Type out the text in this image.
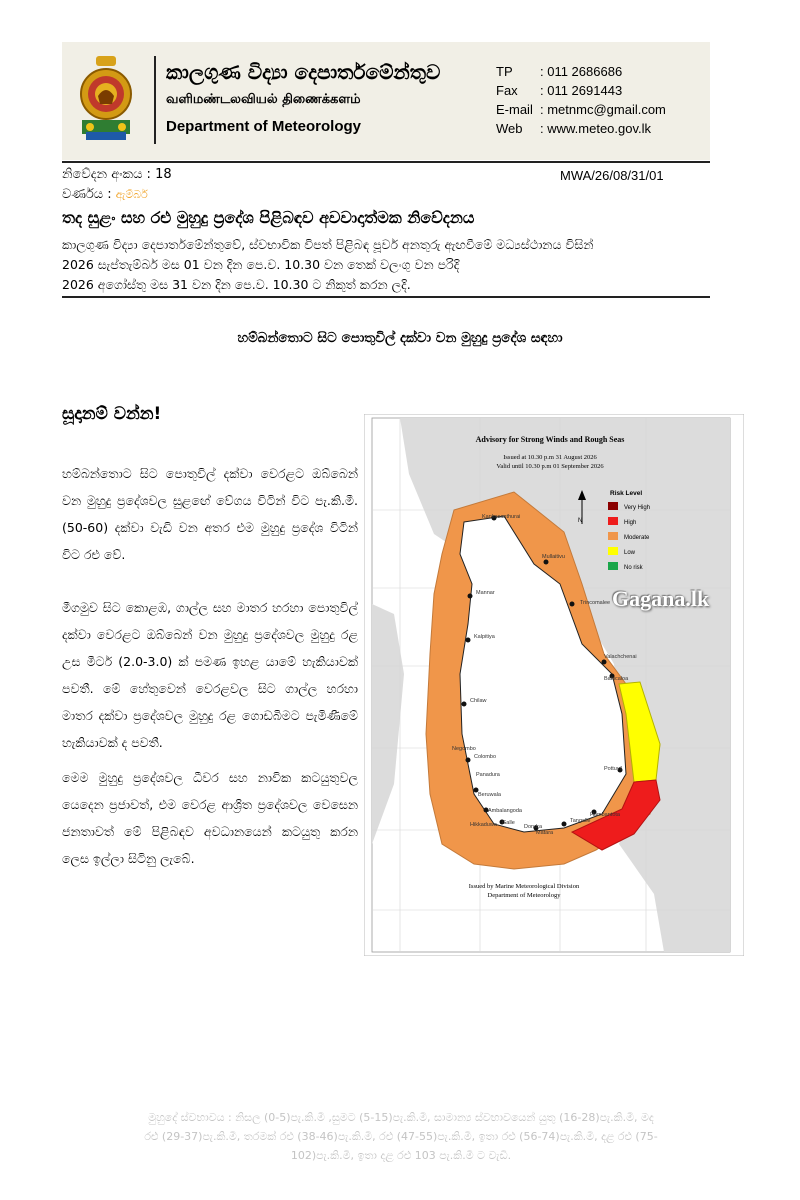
කාලගුණ විද්‍යා දෙපාර්තමේන්තුව
வளிமண்டலவியல் திணைக்களம்
Department of Meteorology
TP	: 011 2686686
Fax	: 011 2691443
E-mail : metnmc@gmail.com
Web	: www.meteo.gov.lk
නිවේදන අංකය : 18	MWA/26/08/31/01
වර්ණය : ඇම්බර්
තද සුළං සහ රළු මුහුදු ප්‍රදේශ පිළිබඳව අවවාදාත්මක නිවේදනය
කාලගුණ විද්‍යා දෙපාර්තමේන්තුවේ, ස්වභාවික විපත් පිළිබඳ පූර්ව අනතුරු ඇඟවීමේ මධ්‍යස්ථානය විසින්
2026 සැප්තැම්බර් මස 01 වන දින පෙ.ව. 10.30 වන තෙක් වලංගු වන පරිදි
2026 අගෝස්තු මස 31 වන දින පෙ.ව. 10.30 ට නිකුත් කරන ලදි.
හම්බන්තොට සිට පොතුවිල් දක්වා වන මුහුදු ප්‍රදේශ සඳහා
සූදානම් වන්න!
හම්බන්තොට සිට පොතුවිල් දක්වා වෙරළට ඔබ්බෙන් වන මුහුදු ප්‍රදේශවල සුළඟේ වේගය විටින් විට පැ.කි.මී. (50-60) දක්වා වැඩි වන අතර එම මුහුදු ප්‍රදේශ විටින් විට රළු වේ.
මීගමුව සිට කොළඹ, ගාල්ල සහ මාතර හරහා පොතුවිල් දක්වා වෙරළට ඔබ්බෙන් වන මුහුදු ප්‍රදේශවල මුහුදු රළ උස මීටර් (2.0-3.0) ක් පමණ ඉහළ යාමේ හැකියාවක් පවතී. මේ හේතුවෙන් වෙරළවල සිට ගාල්ල හරහා මාතර දක්වා ප්‍රදේශවල මුහුදු රළ ගොඩබිමට පැමිණීමේ හැකියාවක් ද පවතී.
මෙම මුහුදු ප්‍රදේශවල ධීවර සහ නාවික කටයුතුවල යෙදෙන ප්‍රජාවත්, එම වෙරළ ආශ්‍රිත ප්‍රදේශවල වෙසෙන ජනතාවත් මේ පිළිබඳව අවධානයෙන් කටයුතු කරන ලෙස ඉල්ලා සිටිනු ලැබේ.
Kankesanthurai
Mullaitivu
Mannar
Trincomalee
Kalpitiya
Valachchenai
Batticaloa
Chilaw
Colombo
Negombo
Panadura
Beruwala
Pottuvil
Ambalangoda
Hikkaduwa Galle
Matara
Dondra
Tangalle
Hambantota
Advisory for Strong Winds and Rough Seas
Issued at 10.30 p.m 31 August 2026
Valid until 10.30 p.m 01 September 2026
N
Risk Level
Very High
High
Moderate
Low
No risk
Issued by Marine Meteorological Division
Department of Meteorology
Gagana.lk
මුහුදේ ස්වභාවය : නිසල (0-5)පැ.කි.මී ,සුමට (5-15)පැ.කි.මී, සාමාන්‍ය ස්වභාවයෙන් යුතු (16-28)පැ.කි.මී, මද
රළු (29-37)පැ.කි.මී, තරමක් රළු (38-46)පැ.කි.මී, රළු (47-55)පැ.කි.මී, ඉතා රළු (56-74)පැ.කි.මී, දළ රළු (75-
102)පැ.කි.මී, ඉතා දළ රළු 103 පැ.කි.මී ට වැඩි.
